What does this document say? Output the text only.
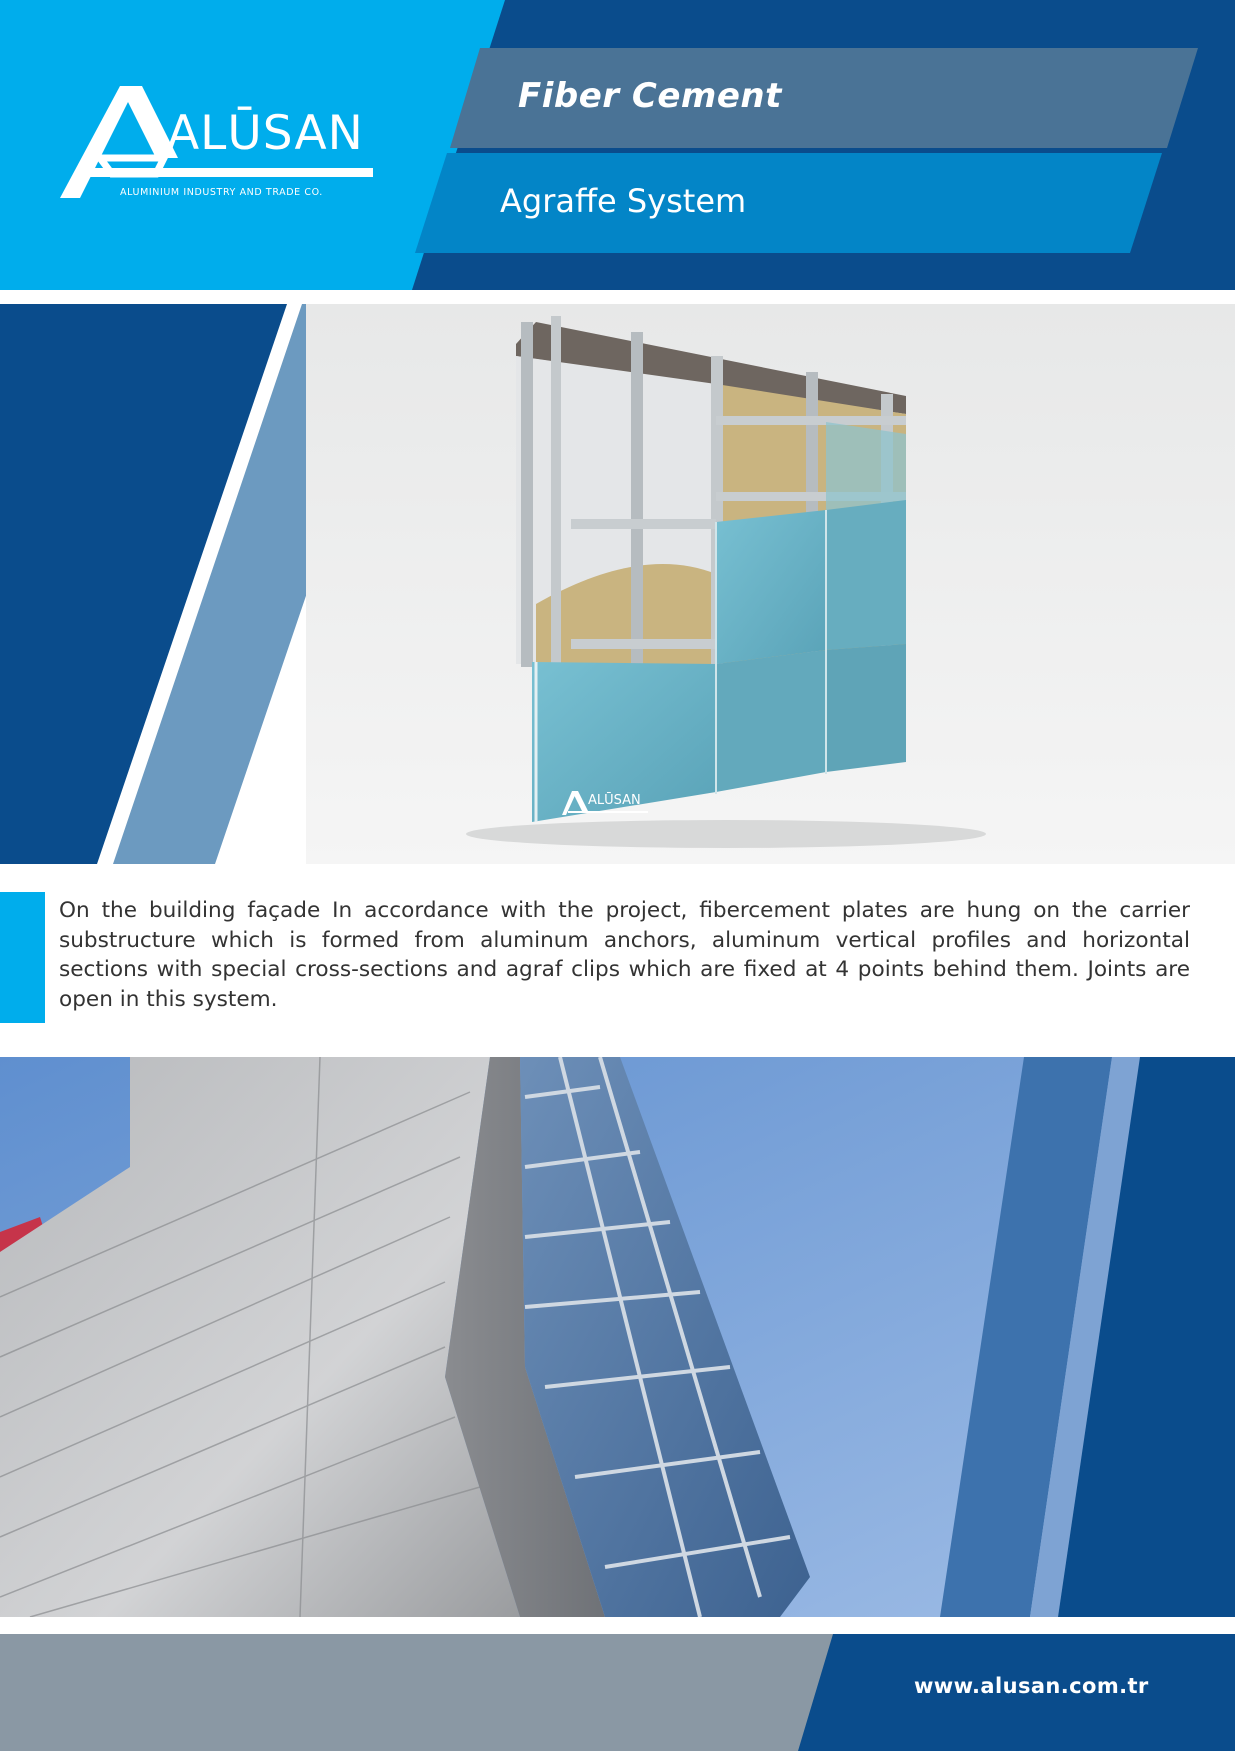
ALŪSAN
ALUMINIUM INDUSTRY AND TRADE CO.
Fiber Cement
Agraffe System
ALŪSAN

On the building façade In accordance with the project, fibercement plates are hung on the carrier substructure which is formed from aluminum anchors, aluminum vertical profiles and horizontal sections with special cross-sections and agraf clips which are fixed at 4 points behind them. Joints are open in this system.

www.alusan.com.tr
